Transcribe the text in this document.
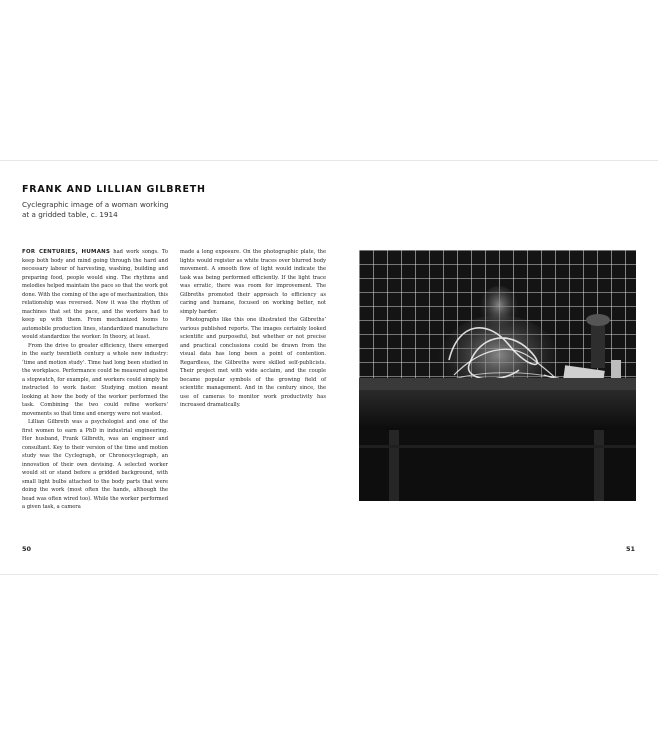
FRANK AND LILLIAN GILBRETH
Cyclegraphic image of a woman working at a gridded table, c. 1914

FOR CENTURIES, HUMANS had work songs. To keep both body and mind going through the hard and necessary labour of harvesting, washing, building and preparing food, people would sing. The rhythms and melodies helped maintain the pace so that the work got done. With the coming of the age of mechanization, this relationship was reversed. Now it was the rhythm of machines that set the pace, and the workers had to keep up with them. From mechanized looms to automobile production lines, standardized manufacture would standardize the worker. In theory, at least.

From the drive to greater efficiency, there emerged in the early twentieth century a whole new industry: ‘time and motion study’. Time had long been studied in the workplace. Performance could be measured against a stopwatch, for example, and workers could simply be instructed to work faster. Studying motion meant looking at how the body of the worker performed the task. Combining the two could refine workers’ movements so that time and energy were not wasted.

Lillian Gilbreth was a psychologist and one of the first women to earn a PhD in industrial engineering. Her husband, Frank Gilbreth, was an engineer and consultant. Key to their version of the time and motion study was the Cyclegraph, or Chronocyclegraph, an innovation of their own devising. A selected worker would sit or stand before a gridded background, with small light bulbs attached to the body parts that were doing the work (most often the hands, although the head was often wired too). While the worker performed a given task, a camera

made a long exposure. On the photographic plate, the lights would register as white traces over blurred body movement. A smooth flow of light would indicate the task was being performed efficiently. If the light trace was erratic, there was room for improvement. The Gilbreths promoted their approach to efficiency as caring and humane, focused on working better, not simply harder.

Photographs like this one illustrated the Gilbreths’ various published reports. The images certainly looked scientific and purposeful, but whether or not precise and practical conclusions could be drawn from the visual data has long been a point of contention. Regardless, the Gilbreths were skilled self-publicists. Their project met with wide acclaim, and the couple became popular symbols of the growing field of scientific management. And in the century since, the use of cameras to monitor work productivity has increased dramatically.

50	51
